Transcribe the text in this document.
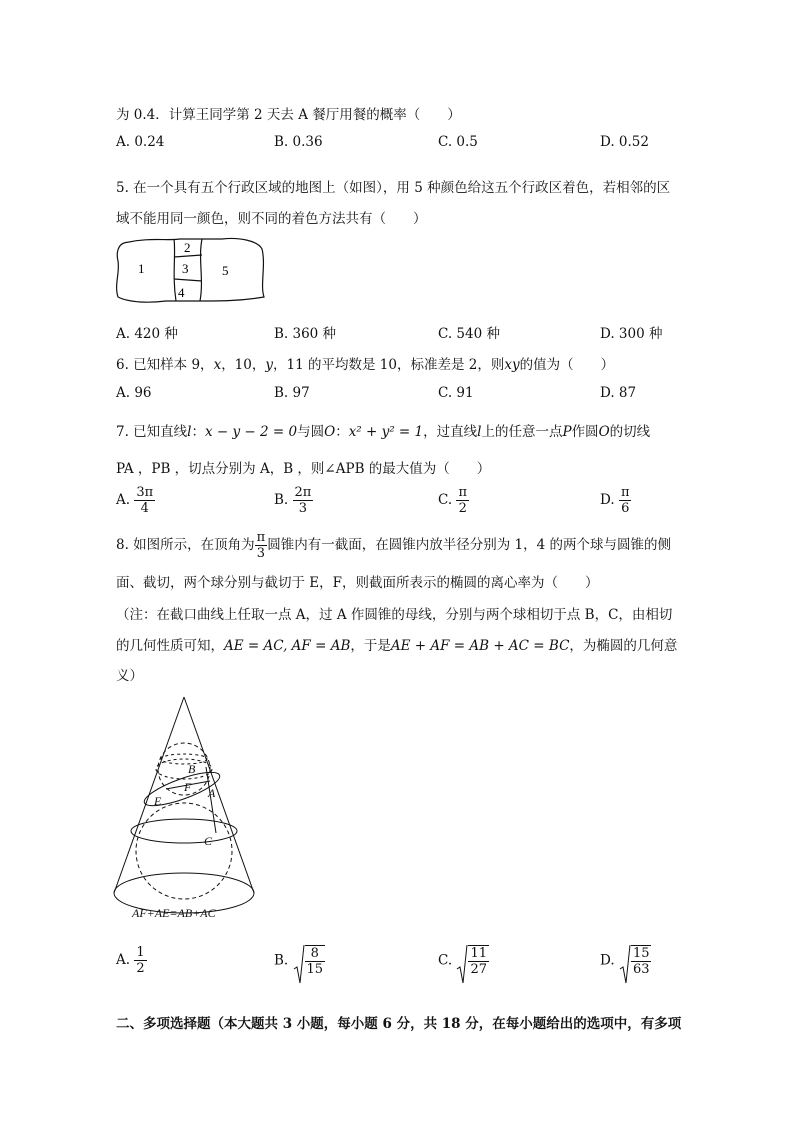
为 0.4．计算王同学第 2 天去 A 餐厅用餐的概率（　　）
A. 0.24	B. 0.36	C. 0.5	D. 0.52
5. 在一个具有五个行政区域的地图上（如图），用 5 种颜色给这五个行政区着色，若相邻的区
域不能用同一颜色，则不同的着色方法共有（　　）
1
2
3
4
5
A. 420 种	B. 360 种	C. 540 种	D. 300 种
6. 已知样本 9，x，10，y，11 的平均数是 10，标准差是 2，则xy的值为（　　）
A. 96	B. 97	C. 91	D. 87
7. 已知直线l：x − y − 2 = 0与圆O：x² + y² = 1，过直线l上的任意一点P作圆O的切线
PA ，PB ，切点分别为 A，B ，则∠APB 的最大值为（　　）
A. $\frac{3\pi}{4}$	B. $\frac{2\pi}{3}$	C. $\frac{\pi}{2}$	D. $\frac{\pi}{6}$
8. 如图所示，在顶角为 $\frac{\pi}{3}$ 圆锥内有一截面，在圆锥内放半径分别为 1，4 的两个球与圆锥的侧
面、截切，两个球分别与截切于 E，F，则截面所表示的椭圆的离心率为（　　）
（注：在截口曲线上任取一点 A，过 A 作圆锥的母线，分别与两个球相切于点 B，C，由相切
的几何性质可知，AE = AC, AF = AB，于是AE + AF = AB + AC = BC，为椭圆的几何意
义）
B
F
E
A
C
AF+AE=AB+AC
A. $\frac{1}{2}$	B. $\frac{8}{15}$	C. $\frac{11}{27}$	D. $\frac{15}{63}$
二、多项选择题（本大题共 3 小题，每小题 6 分，共 18 分，在每小题给出的选项中，有多项
